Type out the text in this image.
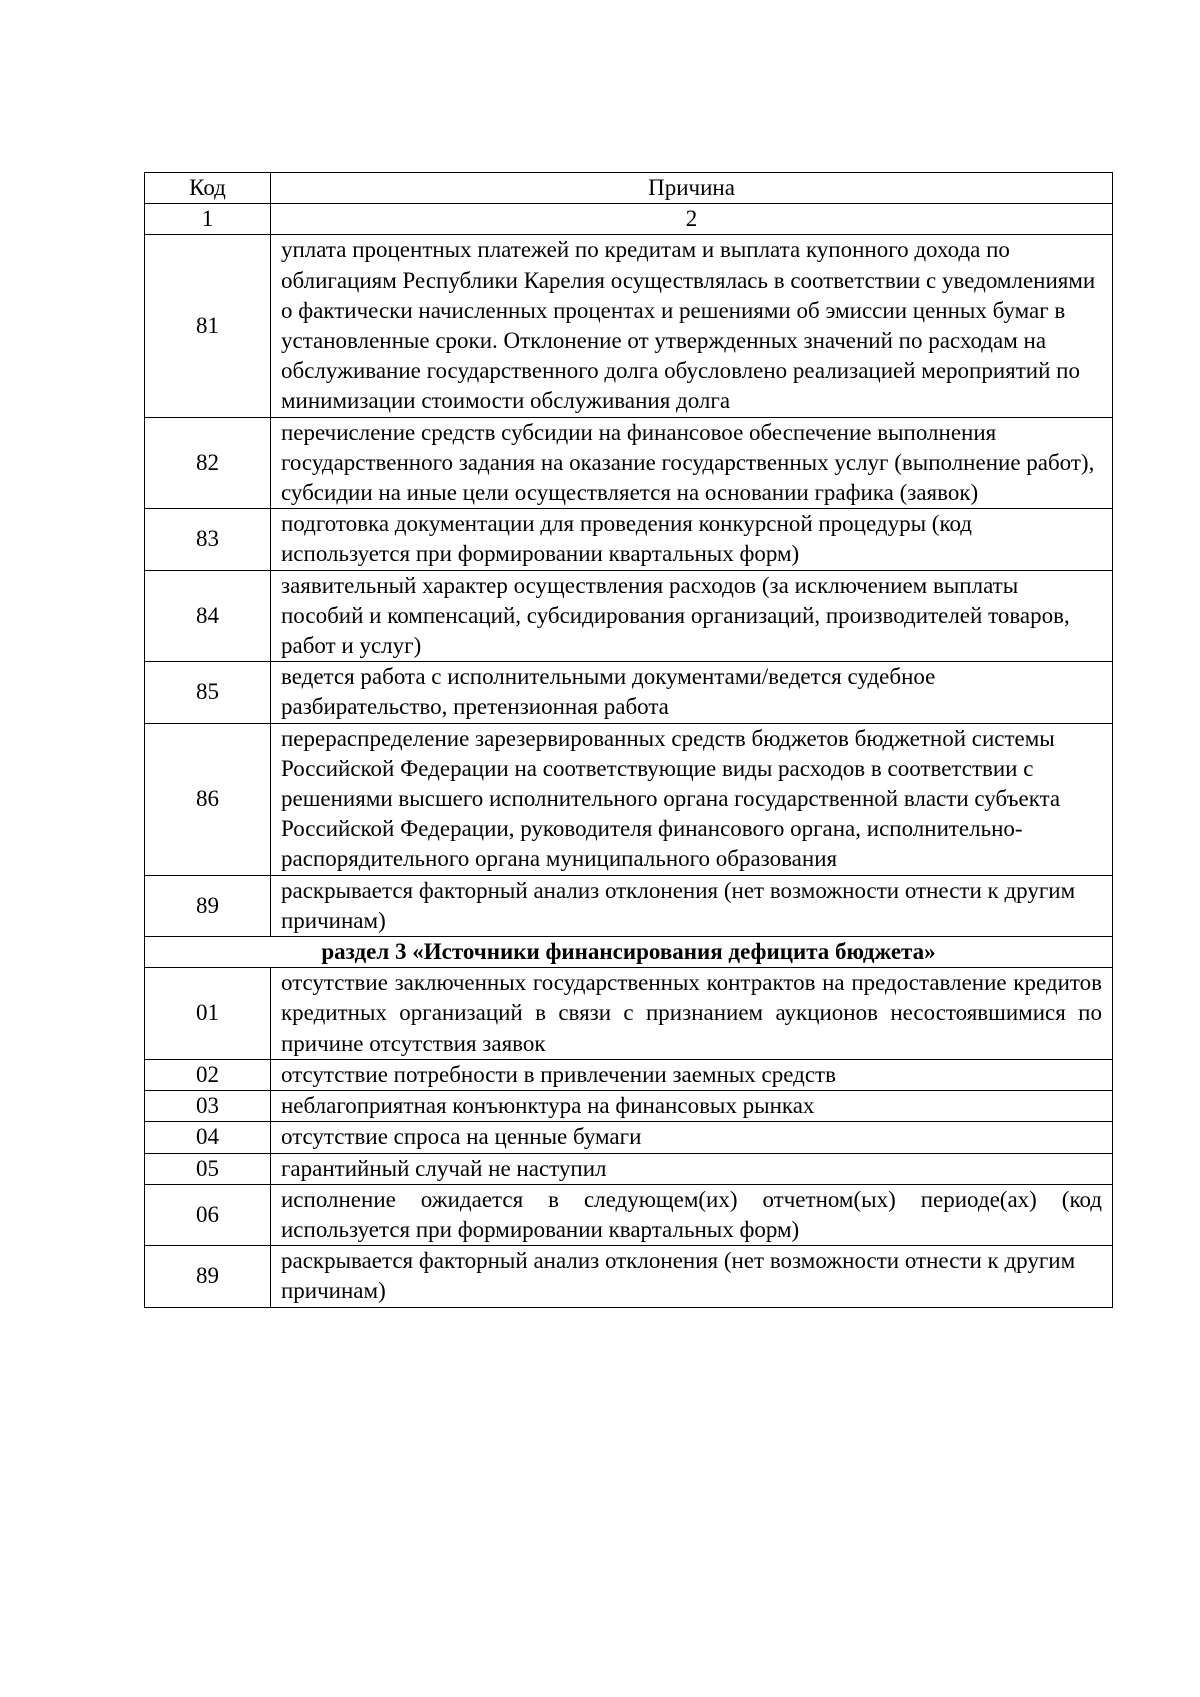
Код	Причина
1	2
81	уплата процентных платежей по кредитам и выплата купонного дохода по облигациям Республики Карелия осуществлялась в соответствии с уведомлениями о фактически начисленных процентах и решениями об эмиссии ценных бумаг в установленные сроки. Отклонение от утвержденных значений по расходам на обслуживание государственного долга обусловлено реализацией мероприятий по минимизации стоимости обслуживания долга
82	перечисление средств субсидии на финансовое обеспечение выполнения государственного задания на оказание государственных услуг (выполнение работ), субсидии на иные цели осуществляется на основании графика (заявок)
83	подготовка документации для проведения конкурсной процедуры (код используется при формировании квартальных форм)
84	заявительный характер осуществления расходов (за исключением выплаты пособий и компенсаций, субсидирования организаций, производителей товаров, работ и услуг)
85	ведется работа с исполнительными документами/ведется судебное разбирательство, претензионная работа
86	перераспределение зарезервированных средств бюджетов бюджетной системы Российской Федерации на соответствующие виды расходов в соответствии с решениями высшего исполнительного органа государственной власти субъекта Российской Федерации, руководителя финансового органа, исполнительно-распорядительного органа муниципального образования
89	раскрывается факторный анализ отклонения (нет возможности отнести к другим причинам)
раздел 3 «Источники финансирования дефицита бюджета»	
01	отсутствие заключенных государственных контрактов на предоставление кредитов кредитных организаций в связи с признанием аукционов несостоявшимися по причине отсутствия заявок
02	отсутствие потребности в привлечении заемных средств
03	неблагоприятная конъюнктура на финансовых рынках
04	отсутствие спроса на ценные бумаги
05	гарантийный случай не наступил
06	исполнение ожидается в следующем(их) отчетном(ых) периоде(ах) (код используется при формировании квартальных форм)
89	раскрывается факторный анализ отклонения (нет возможности отнести к другим причинам)
